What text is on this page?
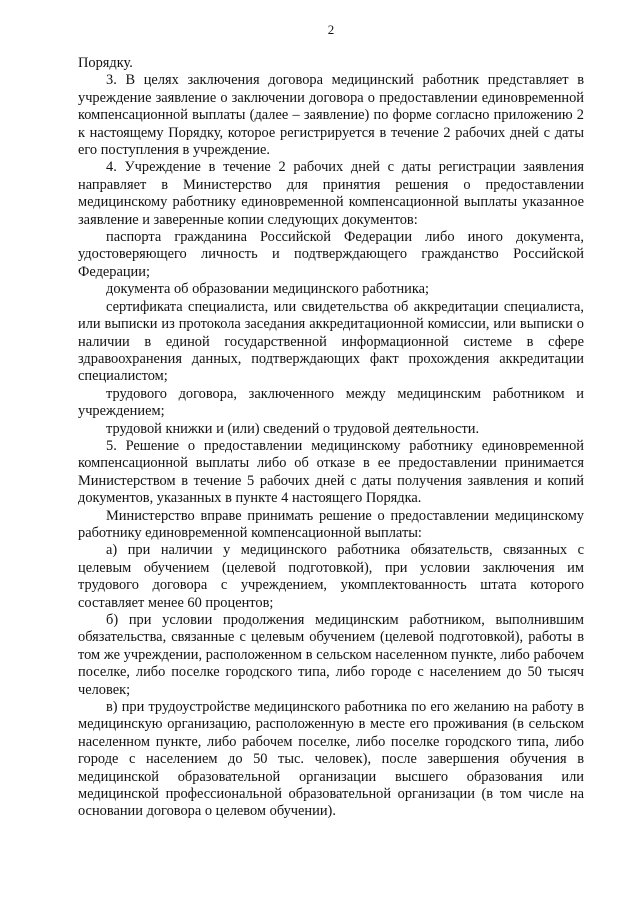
2

Порядку.

3. В целях заключения договора медицинский работник представляет в учреждение заявление о заключении договора о предоставлении единовременной компенсационной выплаты (далее – заявление) по форме согласно приложению 2 к настоящему Порядку, которое регистрируется в течение 2 рабочих дней с даты его поступления в учреждение.

4. Учреждение в течение 2 рабочих дней с даты регистрации заявления направляет в Министерство для принятия решения о предоставлении медицинскому работнику единовременной компенсационной выплаты указанное заявление и заверенные копии следующих документов:

паспорта гражданина Российской Федерации либо иного документа, удостоверяющего личность и подтверждающего гражданство Российской Федерации;

документа об образовании медицинского работника;

сертификата специалиста, или свидетельства об аккредитации специалиста, или выписки из протокола заседания аккредитационной комиссии, или выписки о наличии в единой государственной информационной системе в сфере здравоохранения данных, подтверждающих факт прохождения аккредитации специалистом;

трудового договора, заключенного между медицинским работником и учреждением;

трудовой книжки и (или) сведений о трудовой деятельности.

5. Решение о предоставлении медицинскому работнику единовременной компенсационной выплаты либо об отказе в ее предоставлении принимается Министерством в течение 5 рабочих дней с даты получения заявления и копий документов, указанных в пункте 4 настоящего Порядка.

Министерство вправе принимать решение о предоставлении медицинскому работнику единовременной компенсационной выплаты:

а) при наличии у медицинского работника обязательств, связанных с целевым обучением (целевой подготовкой), при условии заключения им трудового договора с учреждением, укомплектованность штата которого составляет менее 60 процентов;

б) при условии продолжения медицинским работником, выполнившим обязательства, связанные с целевым обучением (целевой подготовкой), работы в том же учреждении, расположенном в сельском населенном пункте, либо рабочем поселке, либо поселке городского типа, либо городе с населением до 50 тысяч человек;

в) при трудоустройстве медицинского работника по его желанию на работу в медицинскую организацию, расположенную в месте его проживания (в сельском населенном пункте, либо рабочем поселке, либо поселке городского типа, либо городе с населением до 50 тыс. человек), после завершения обучения в медицинской образовательной организации высшего образования или медицинской профессиональной образовательной организации (в том числе на основании договора о целевом обучении).
